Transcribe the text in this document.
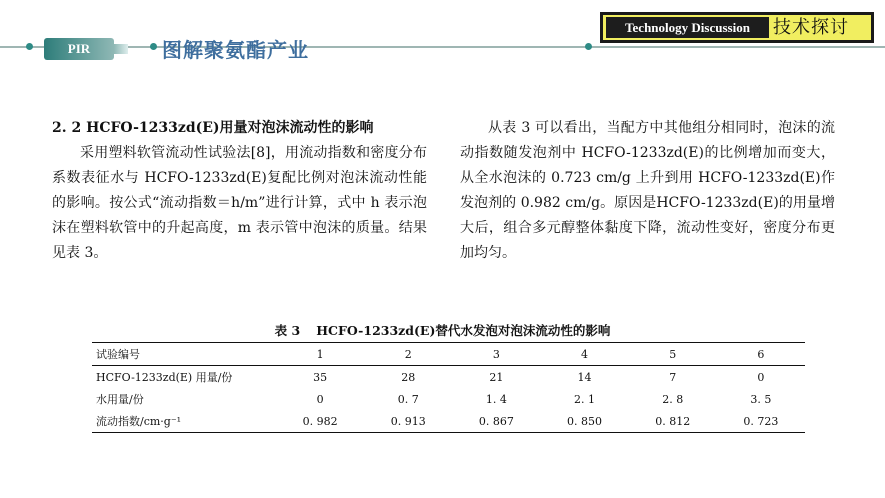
PIR	图解聚氨酯产业
Technology Discussion	技术探讨

2. 2 HCFO-1233zd(E)用量对泡沫流动性的影响

采用塑料软管流动性试验法[8]，用流动指数和密度分布系数表征水与 HCFO-1233zd(E)复配比例对泡沫流动性能的影响。按公式“流动指数＝h/m”进行计算，式中 h 表示泡沫在塑料软管中的升起高度，m 表示管中泡沫的质量。结果见表 3。

从表 3 可以看出，当配方中其他组分相同时，泡沫的流动指数随发泡剂中 HCFO-1233zd(E)的比例增加而变大，从全水泡沫的 0.723 cm/g 上升到用 HCFO-1233zd(E)作发泡剂的 0.982 cm/g。原因是HCFO-1233zd(E)的用量增大后，组合多元醇整体黏度下降，流动性变好，密度分布更加均匀。

表 3 HCFO-1233zd(E)替代水发泡对泡沫流动性的影响
试验编号	1	2	3	4	5	6
HCFO-1233zd(E) 用量/份	35	28	21	14	7	0
水用量/份	0	0. 7	1. 4	2. 1	2. 8	3. 5
流动指数/cm·g⁻¹	0. 982	0. 913	0. 867	0. 850	0. 812	0. 723
